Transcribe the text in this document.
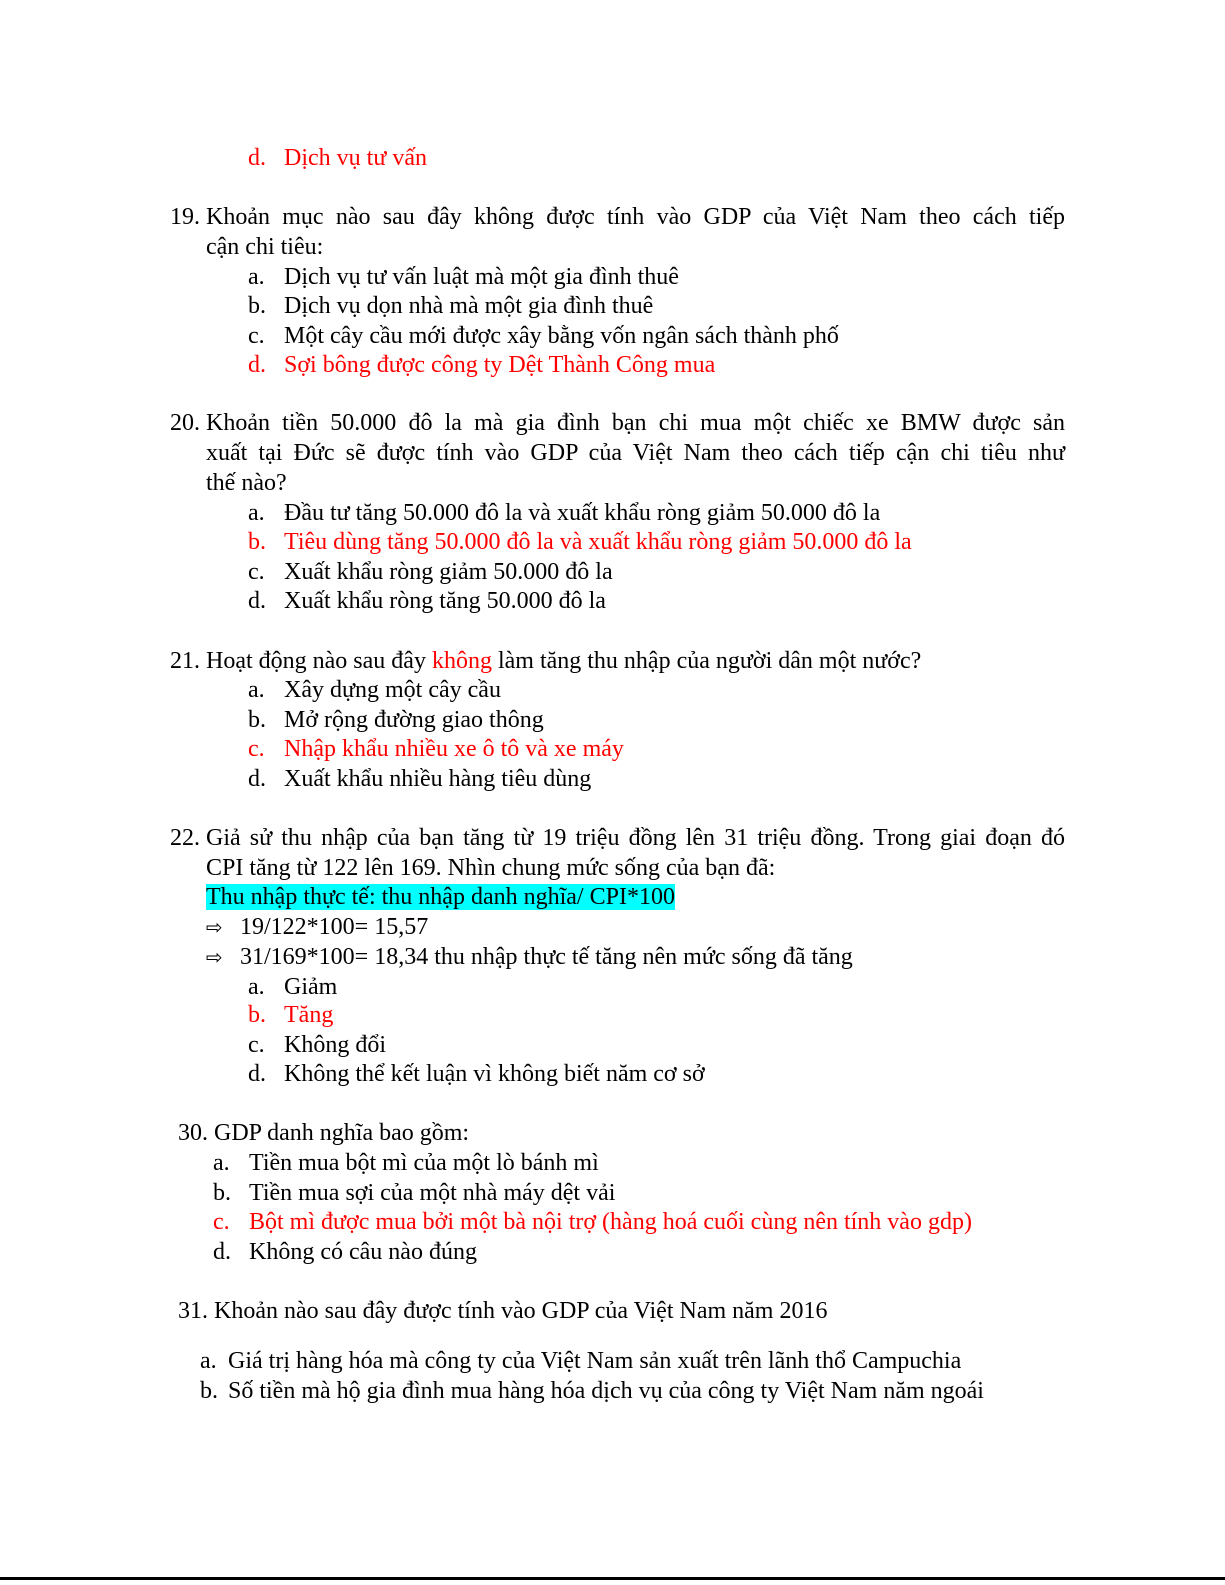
d. Dịch vụ tư vấn
19. Khoản mục nào sau đây không được tính vào GDP của Việt Nam theo cách tiếp
cận chi tiêu:
a. Dịch vụ tư vấn luật mà một gia đình thuê
b. Dịch vụ dọn nhà mà một gia đình thuê
c. Một cây cầu mới được xây bằng vốn ngân sách thành phố
d. Sợi bông được công ty Dệt Thành Công mua
20. Khoản tiền 50.000 đô la mà gia đình bạn chi mua một chiếc xe BMW được sản
xuất tại Đức sẽ được tính vào GDP của Việt Nam theo cách tiếp cận chi tiêu như
thế nào?
a. Đầu tư tăng 50.000 đô la và xuất khẩu ròng giảm 50.000 đô la
b. Tiêu dùng tăng 50.000 đô la và xuất khẩu ròng giảm 50.000 đô la
c. Xuất khẩu ròng giảm 50.000 đô la
d. Xuất khẩu ròng tăng 50.000 đô la
21. Hoạt động nào sau đây không làm tăng thu nhập của người dân một nước?
a. Xây dựng một cây cầu
b. Mở rộng đường giao thông
c. Nhập khẩu nhiều xe ô tô và xe máy
d. Xuất khẩu nhiều hàng tiêu dùng
22. Giả sử thu nhập của bạn tăng từ 19 triệu đồng lên 31 triệu đồng. Trong giai đoạn đó
CPI tăng từ 122 lên 169. Nhìn chung mức sống của bạn đã:
Thu nhập thực tế: thu nhập danh nghĩa/ CPI*100
⇨ 19/122*100= 15,57
⇨ 31/169*100= 18,34 thu nhập thực tế tăng nên mức sống đã tăng
a. Giảm
b. Tăng
c. Không đổi
d. Không thể kết luận vì không biết năm cơ sở
30. GDP danh nghĩa bao gồm:
a. Tiền mua bột mì của một lò bánh mì
b. Tiền mua sợi của một nhà máy dệt vải
c. Bột mì được mua bởi một bà nội trợ (hàng hoá cuối cùng nên tính vào gdp)
d. Không có câu nào đúng
31. Khoản nào sau đây được tính vào GDP của Việt Nam năm 2016
a. Giá trị hàng hóa mà công ty của Việt Nam sản xuất trên lãnh thổ Campuchia
b. Số tiền mà hộ gia đình mua hàng hóa dịch vụ của công ty Việt Nam năm ngoái
